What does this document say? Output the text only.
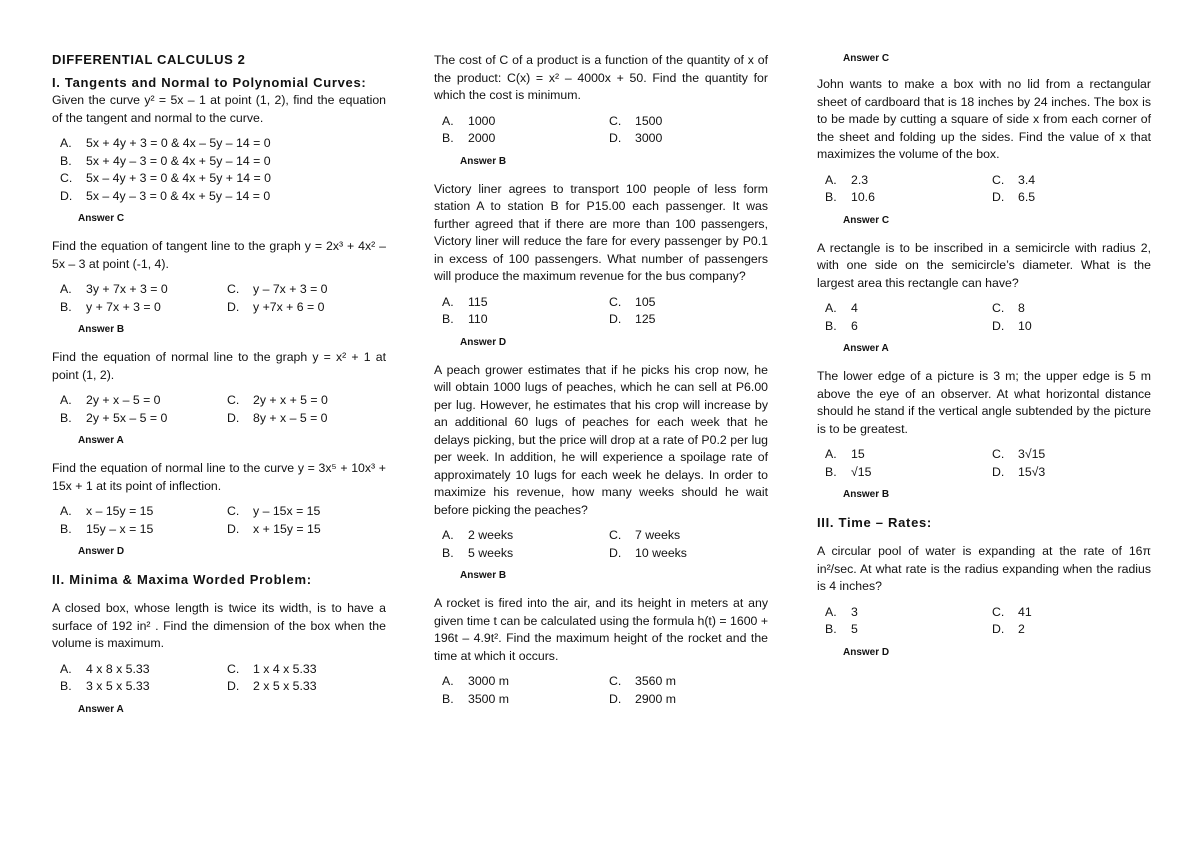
DIFFERENTIAL CALCULUS 2

I. Tangents and Normal to Polynomial Curves:

Given the curve y² = 5x – 1 at point (1, 2), find the equation of the tangent and normal to the curve.

A.	5x + 4y + 3 = 0 & 4x – 5y – 14 = 0
B.	5x + 4y – 3 = 0 & 4x + 5y – 14 = 0
C.	5x – 4y + 3 = 0 & 4x + 5y + 14 = 0
D.	5x – 4y – 3 = 0 & 4x + 5y – 14 = 0

Answer C

Find the equation of tangent line to the graph y = 2x³ + 4x² – 5x – 3 at point (-1, 4).

A.	3y + 7x + 3 = 0	C.	y – 7x + 3 = 0
B.	y + 7x + 3 = 0	D.	y +7x + 6 = 0

Answer B

Find the equation of normal line to the graph y = x² + 1 at point (1, 2).

A.	2y + x – 5 = 0	C.	2y + x + 5 = 0
B.	2y + 5x – 5 = 0	D.	8y + x – 5 = 0

Answer A

Find the equation of normal line to the curve y = 3x⁵ + 10x³ + 15x + 1 at its point of inflection.

A.	x – 15y = 15	C.	y – 15x = 15
B.	15y – x = 15	D.	x + 15y = 15

Answer D

II. Minima & Maxima Worded Problem:

A closed box, whose length is twice its width, is to have a surface of 192 in² . Find the dimension of the box when the volume is maximum.

A.	4 x 8 x 5.33	C.	1 x 4 x 5.33
B.	3 x 5 x 5.33	D.	2 x 5 x 5.33

Answer A

The cost of C of a product is a function of the quantity of x of the product: C(x) = x² – 4000x + 50. Find the quantity for which the cost is minimum.

A.	1000	C.	1500
B.	2000	D.	3000

Answer B

Victory liner agrees to transport 100 people of less form station A to station B for P15.00 each passenger. It was further agreed that if there are more than 100 passengers, Victory liner will reduce the fare for every passenger by P0.1 in excess of 100 passengers. What number of passengers will produce the maximum revenue for the bus company?

A.	115	C.	105
B.	110	D.	125

Answer D

A peach grower estimates that if he picks his crop now, he will obtain 1000 lugs of peaches, which he can sell at P6.00 per lug. However, he estimates that his crop will increase by an additional 60 lugs of peaches for each week that he delays picking, but the price will drop at a rate of P0.2 per lug per week. In addition, he will experience a spoilage rate of approximately 10 lugs for each week he delays. In order to maximize his revenue, how many weeks should he wait before picking the peaches?

A.	2 weeks	C.	7 weeks
B.	5 weeks	D.	10 weeks

Answer B

A rocket is fired into the air, and its height in meters at any given time t can be calculated using the formula h(t) = 1600 + 196t – 4.9t². Find the maximum height of the rocket and the time at which it occurs.

A.	3000 m	C.	3560 m
B.	3500 m	D.	2900 m

Answer C

John wants to make a box with no lid from a rectangular sheet of cardboard that is 18 inches by 24 inches. The box is to be made by cutting a square of side x from each corner of the sheet and folding up the sides. Find the value of x that maximizes the volume of the box.

A.	2.3	C.	3.4
B.	10.6	D.	6.5

Answer C

A rectangle is to be inscribed in a semicircle with radius 2, with one side on the semicircle’s diameter. What is the largest area this rectangle can have?

A.	4	C.	8
B.	6	D.	10

Answer A

The lower edge of a picture is 3 m; the upper edge is 5 m above the eye of an observer. At what horizontal distance should he stand if the vertical angle subtended by the picture is to be greatest.

A.	15	C.	3√15
B.	√15	D.	15√3

Answer B

III. Time – Rates:

A circular pool of water is expanding at the rate of 16π in²/sec. At what rate is the radius expanding when the radius is 4 inches?

A.	3	C.	41
B.	5	D.	2

Answer D
